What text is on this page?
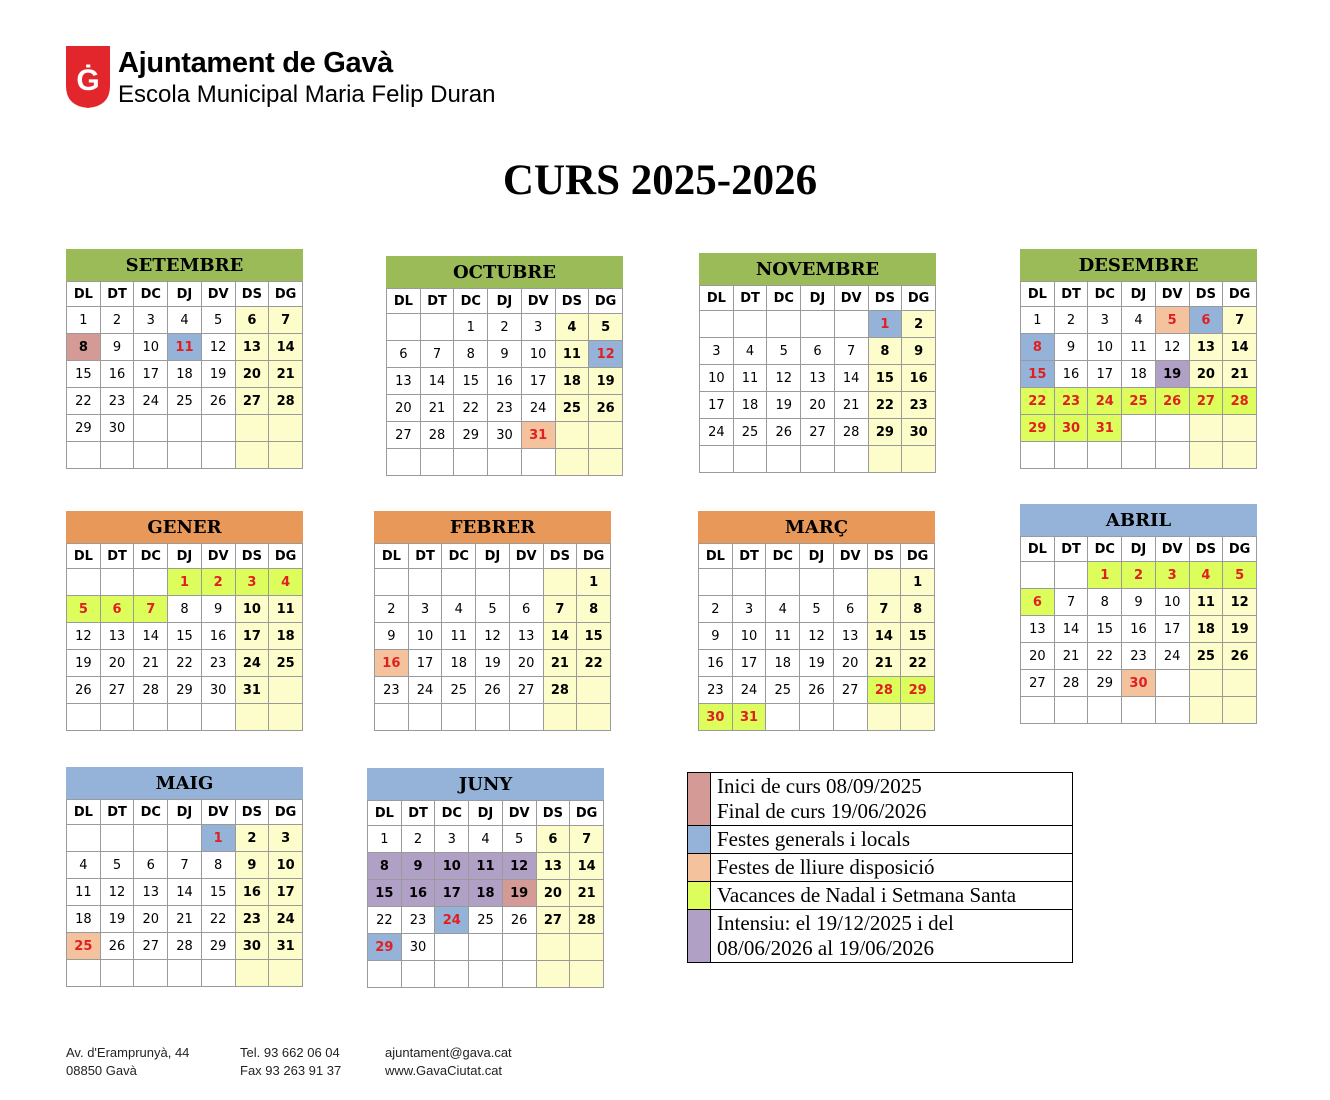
Ġ
Ajuntament de Gavà
Escola Municipal Maria Felip Duran
CURS 2025-2026
SETEMBRE
DL	DT	DC	DJ	DV	DS	DG
1	2	3	4	5	6	7
8	9	10	11	12	13	14
15	16	17	18	19	20	21
22	23	24	25	26	27	28
29	30					

OCTUBRE
DL	DT	DC	DJ	DV	DS	DG
		1	2	3	4	5
6	7	8	9	10	11	12
13	14	15	16	17	18	19
20	21	22	23	24	25	26
27	28	29	30	31		

NOVEMBRE
DL	DT	DC	DJ	DV	DS	DG
					1	2
3	4	5	6	7	8	9
10	11	12	13	14	15	16
17	18	19	20	21	22	23
24	25	26	27	28	29	30

DESEMBRE
DL	DT	DC	DJ	DV	DS	DG
1	2	3	4	5	6	7
8	9	10	11	12	13	14
15	16	17	18	19	20	21
22	23	24	25	26	27	28
29	30	31				

GENER
DL	DT	DC	DJ	DV	DS	DG
			1	2	3	4
5	6	7	8	9	10	11
12	13	14	15	16	17	18
19	20	21	22	23	24	25
26	27	28	29	30	31	

FEBRER
DL	DT	DC	DJ	DV	DS	DG
						1
2	3	4	5	6	7	8
9	10	11	12	13	14	15
16	17	18	19	20	21	22
23	24	25	26	27	28	

MARÇ
DL	DT	DC	DJ	DV	DS	DG
						1
2	3	4	5	6	7	8
9	10	11	12	13	14	15
16	17	18	19	20	21	22
23	24	25	26	27	28	29
30	31					
ABRIL
DL	DT	DC	DJ	DV	DS	DG
		1	2	3	4	5
6	7	8	9	10	11	12
13	14	15	16	17	18	19
20	21	22	23	24	25	26
27	28	29	30			

MAIG
DL	DT	DC	DJ	DV	DS	DG
				1	2	3
4	5	6	7	8	9	10
11	12	13	14	15	16	17
18	19	20	21	22	23	24
25	26	27	28	29	30	31

JUNY
DL	DT	DC	DJ	DV	DS	DG
1	2	3	4	5	6	7
8	9	10	11	12	13	14
15	16	17	18	19	20	21
22	23	24	25	26	27	28
29	30					

	Inici de curs 08/09/2025
Final de curs 19/06/2026
	Festes generals i locals
	Festes de lliure disposició
	Vacances de Nadal i Setmana Santa
	Intensiu: el 19/12/2025 i del
08/06/2026 al 19/06/2026
Av. d'Eramprunyà, 44
08850 Gavà
Tel. 93 662 06 04
Fax 93 263 91 37
ajuntament@gava.cat
www.GavaCiutat.cat
